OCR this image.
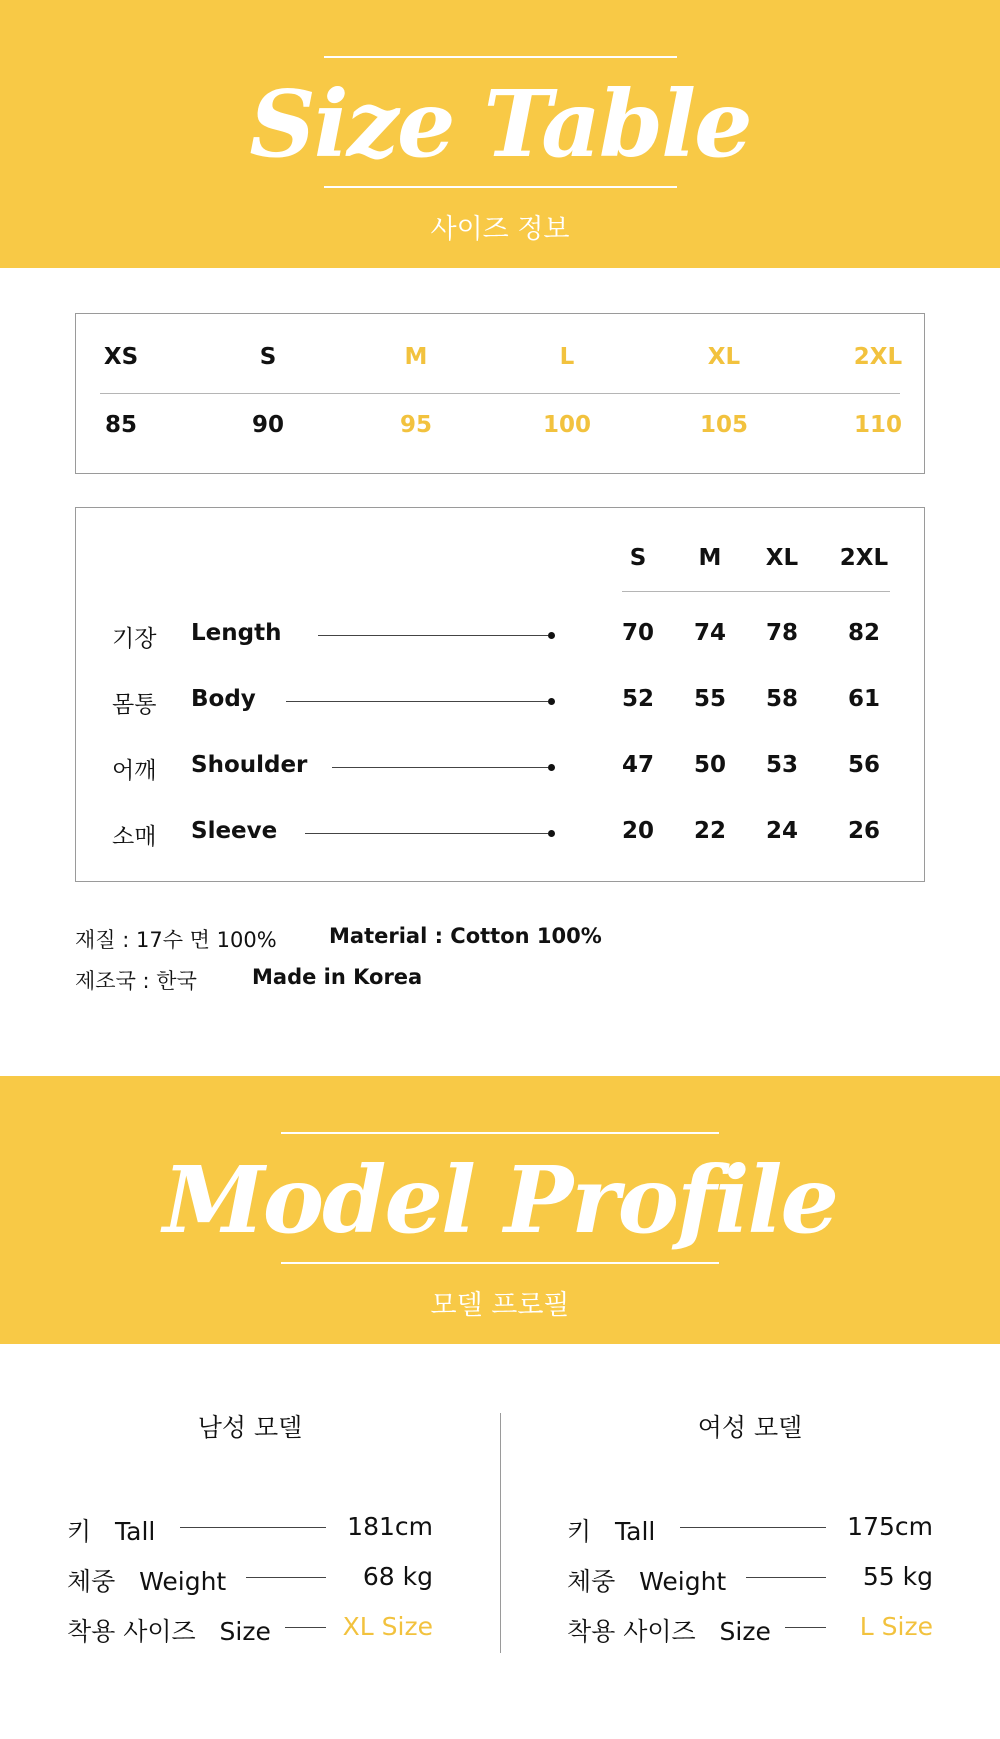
Size Table
사이즈 정보
XS	S	M	L	XL	2XL
85	90	95	100	105	110
S	M	XL	2XL
기장 Length	70	74	78	82
몸통 Body	52	55	58	61
어깨 Shoulder	47	50	53	56
소매 Sleeve	20	22	24	26
재질 : 17수 면 100% Material : Cotton 100%
제조국 : 한국	Made in Korea
Model Profile
모델 프로필
남성 모델
키   Tall	181cm
체중   Weight	68 kg
착용 사이즈   Size	XL Size
여성 모델
키   Tall	175cm
체중   Weight	55 kg
착용 사이즈   Size	L Size
